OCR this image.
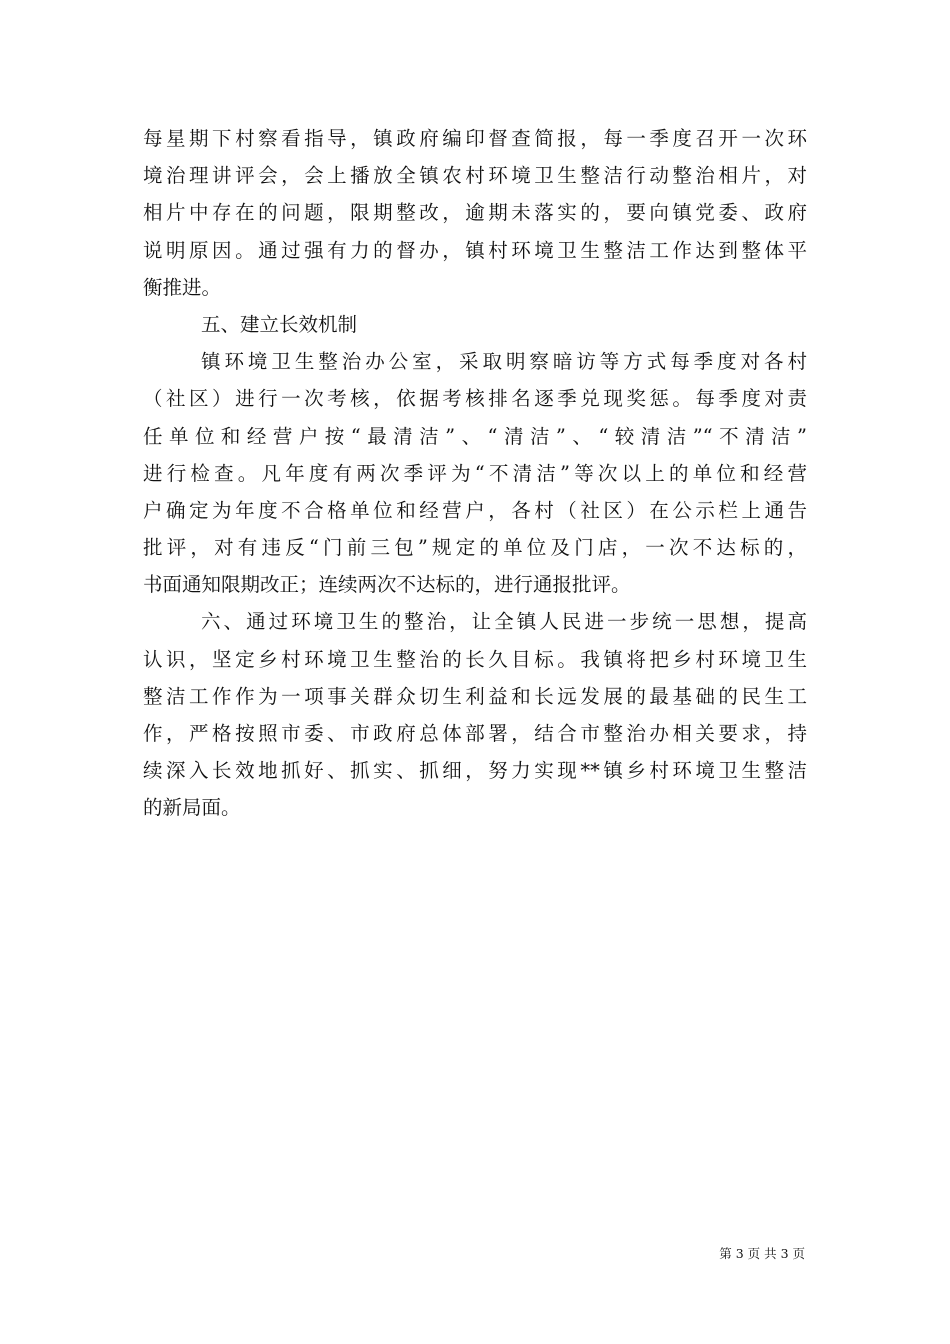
每星期下村察看指导，镇政府编印督查简报，每一季度召开一次环
境治理讲评会，会上播放全镇农村环境卫生整洁行动整治相片，对
相片中存在的问题，限期整改，逾期未落实的，要向镇党委、政府
说明原因。通过强有力的督办，镇村环境卫生整洁工作达到整体平
衡推进。
五、建立长效机制
镇环境卫生整治办公室，采取明察暗访等方式每季度对各村
（社区）进行一次考核，依据考核排名逐季兑现奖惩。每季度对责
任单位和经营户按“最清洁”、“清洁”、“较清洁”“不清洁”
进行检查。凡年度有两次季评为“不清洁”等次以上的单位和经营
户确定为年度不合格单位和经营户，各村（社区）在公示栏上通告
批评，对有违反“门前三包”规定的单位及门店，一次不达标的，
书面通知限期改正；连续两次不达标的，进行通报批评。
六、通过环境卫生的整治，让全镇人民进一步统一思想，提高
认识，坚定乡村环境卫生整治的长久目标。我镇将把乡村环境卫生
整洁工作作为一项事关群众切生利益和长远发展的最基础的民生工
作，严格按照市委、市政府总体部署，结合市整治办相关要求，持
续深入长效地抓好、抓实、抓细，努力实现**镇乡村环境卫生整洁
的新局面。
第 3 页 共 3 页
